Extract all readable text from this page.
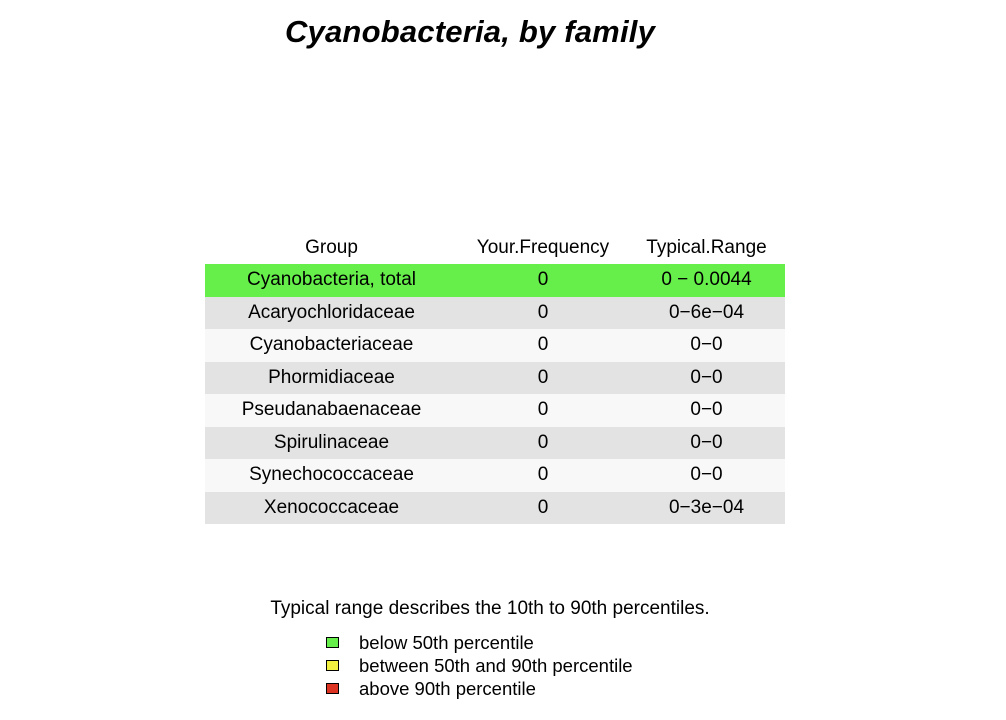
Cyanobacteria, by family
Group	Your.Frequency	Typical.Range
Cyanobacteria, total	0	0 − 0.0044
Acaryochloridaceae	0	0−6e−04
Cyanobacteriaceae	0	0−0
Phormidiaceae	0	0−0
Pseudanabaenaceae	0	0−0
Spirulinaceae	0	0−0
Synechococcaceae	0	0−0
Xenococcaceae	0	0−3e−04
Typical range describes the 10th to 90th percentiles.
below 50th percentile
between 50th and 90th percentile
above 90th percentile
